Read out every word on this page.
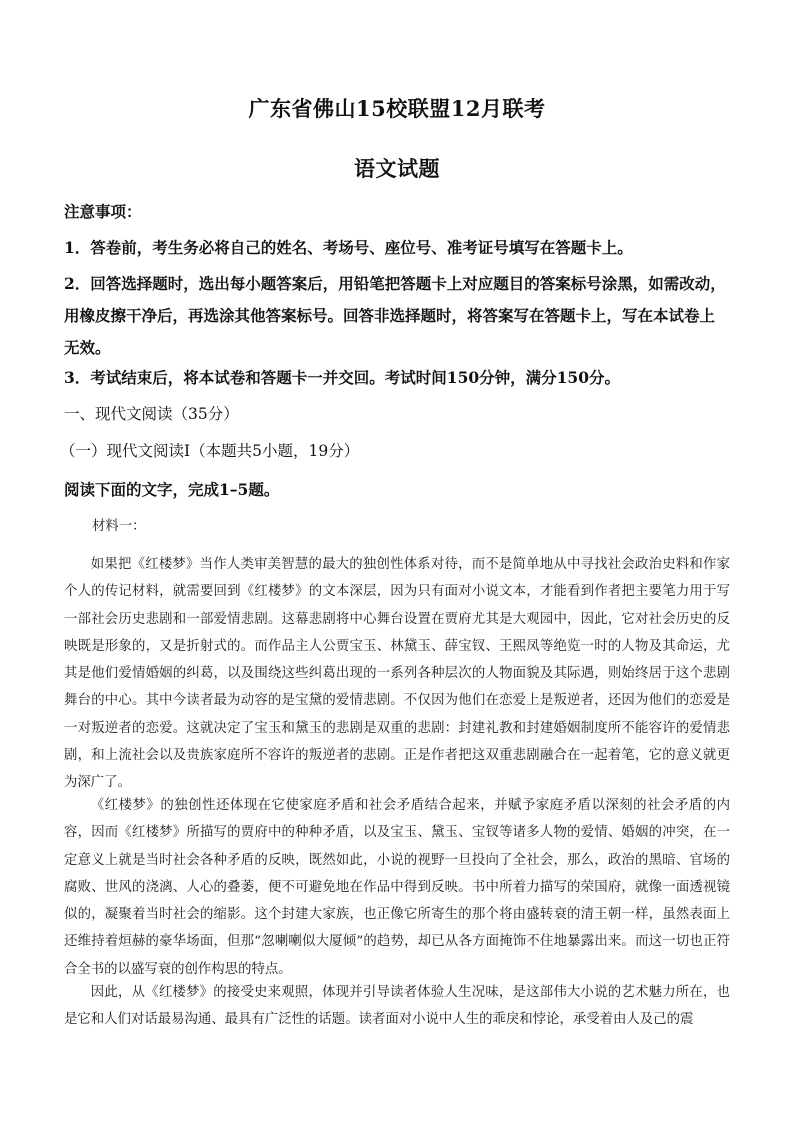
广东省佛山15校联盟12月联考
语文试题
注意事项：
1．答卷前，考生务必将自己的姓名、考场号、座位号、准考证号填写在答题卡上。
2．回答选择题时，选出每小题答案后，用铅笔把答题卡上对应题目的答案标号涂黑，如需改动，用橡皮擦干净后，再选涂其他答案标号。回答非选择题时，将答案写在答题卡上，写在本试卷上无效。
3．考试结束后，将本试卷和答题卡一并交回。考试时间150分钟，满分150分。
一、现代文阅读（35分）
（一）现代文阅读Ⅰ（本题共5小题，19分）
阅读下面的文字，完成1–5题。
材料一：
如果把《红楼梦》当作人类审美智慧的最大的独创性体系对待，而不是简单地从中寻找社会政治史料和作家个人的传记材料，就需要回到《红楼梦》的文本深层，因为只有面对小说文本，才能看到作者把主要笔力用于写一部社会历史悲剧和一部爱情悲剧。这幕悲剧将中心舞台设置在贾府尤其是大观园中，因此，它对社会历史的反映既是形象的，又是折射式的。而作品主人公贾宝玉、林黛玉、薛宝钗、王熙凤等绝览一时的人物及其命运，尤其是他们爱情婚姻的纠葛，以及围绕这些纠葛出现的一系列各种层次的人物面貌及其际遇，则始终居于这个悲剧舞台的中心。其中今读者最为动容的是宝黛的爱情悲剧。不仅因为他们在恋爱上是叛逆者，还因为他们的恋爱是一对叛逆者的恋爱。这就决定了宝玉和黛玉的悲剧是双重的悲剧：封建礼教和封建婚姻制度所不能容许的爱情悲剧，和上流社会以及贵族家庭所不容许的叛逆者的悲剧。正是作者把这双重悲剧融合在一起着笔，它的意义就更为深广了。
《红楼梦》的独创性还体现在它使家庭矛盾和社会矛盾结合起来，并赋予家庭矛盾以深刻的社会矛盾的内容，因而《红楼梦》所描写的贾府中的种种矛盾，以及宝玉、黛玉、宝钗等诸多人物的爱情、婚姻的冲突，在一定意义上就是当时社会各种矛盾的反映，既然如此，小说的视野一旦投向了全社会，那么，政治的黑暗、官场的腐败、世风的浇漓、人心的叠萎，便不可避免地在作品中得到反映。书中所着力描写的荣国府，就像一面透视镜似的，凝聚着当时社会的缩影。这个封建大家族，也正像它所寄生的那个将由盛转衰的清王朝一样，虽然表面上还维持着烜赫的豪华场面，但那“忽喇喇似大厦倾”的趋势，却已从各方面掩饰不住地暴露出来。而这一切也正符合全书的以盛写衰的创作构思的特点。
因此，从《红楼梦》的接受史来观照，体现并引导读者体验人生况味，是这部伟大小说的艺术魅力所在，也是它和人们对话最易沟通、最具有广泛性的话题。读者面对小说中人生的乖戾和悖论，承受着由人及己的震
